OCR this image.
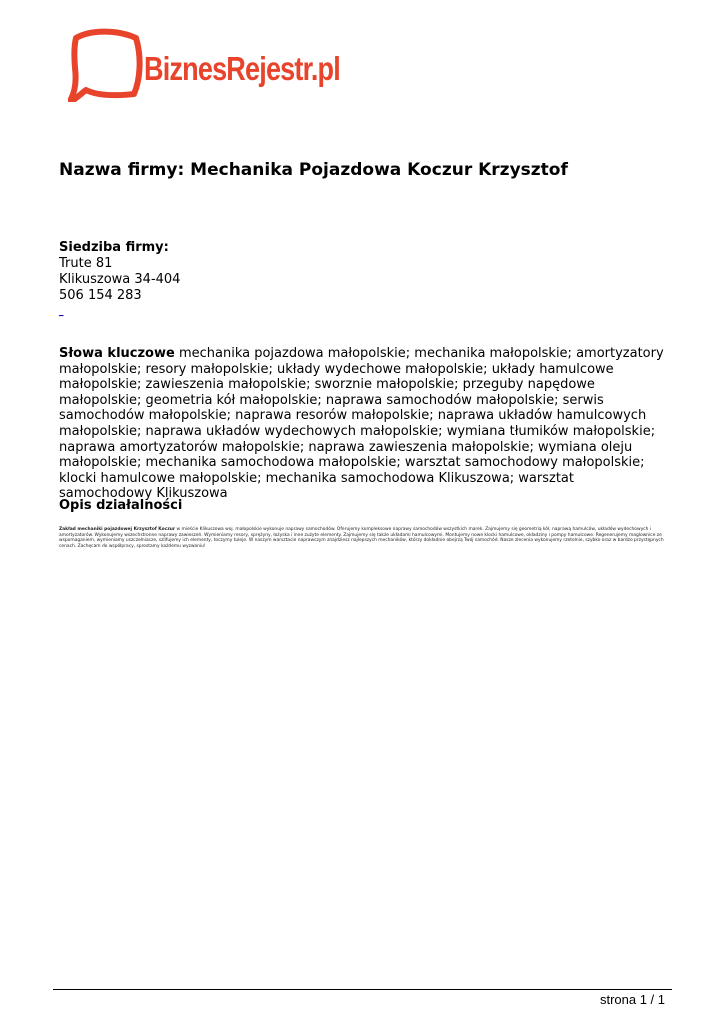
BiznesRejestr.pl
Nazwa firmy: Mechanika Pojazdowa Koczur Krzysztof
Siedziba firmy:
Trute 81
Klikuszowa 34-404
506 154 283
_

Słowa kluczowe mechanika pojazdowa małopolskie; mechanika małopolskie; amortyzatory małopolskie; resory małopolskie; układy wydechowe małopolskie; układy hamulcowe małopolskie; zawieszenia małopolskie; sworznie małopolskie; przeguby napędowe małopolskie; geometria kół małopolskie; naprawa samochodów małopolskie; serwis samochodów małopolskie; naprawa resorów małopolskie; naprawa układów hamulcowych małopolskie; naprawa układów wydechowych małopolskie; wymiana tłumików małopolskie; naprawa amortyzatorów małopolskie; naprawa zawieszenia małopolskie; wymiana oleju małopolskie; mechanika samochodowa małopolskie; warsztat samochodowy małopolskie; klocki hamulcowe małopolskie; mechanika samochodowa Klikuszowa; warsztat samochodowy Klikuszowa

Opis działalności

Zakład mechaniki pojazdowej Krzysztof Koczur w mieście Klikuszowa woj. małopolskie wykonuje naprawy samochodów. Oferujemy kompleksowe naprawy samochodów wszystkich marek. Zajmujemy się geometrią kół, naprawą hamulców, układów wydechowych i amortyzatorów. Wykonujemy wszechstronne naprawy zawieszeń. Wymieniamy resory, sprężyny, łożyska i inne zużyte elementy. Zajmujemy się także układami hamulcowymi. Montujemy nowe klocki hamulcowe, okładziny i pompy hamulcowe. Regenerujemy maglownice ze wspomaganiem, wymieniamy uszczelniacze, szlifujemy ich elementy, toczymy tuleje. W naszym warsztacie naprawczym znajdziesz najlepszych mechaników, którzy dokładnie obejrzą Twój samochód. Nasze zlecenia wykonujemy rzetelnie, szybko oraz w bardzo przystępnych cenach. Zachęcam do współpracy, sprostamy każdemu wyzwaniu!

strona 1 / 1
